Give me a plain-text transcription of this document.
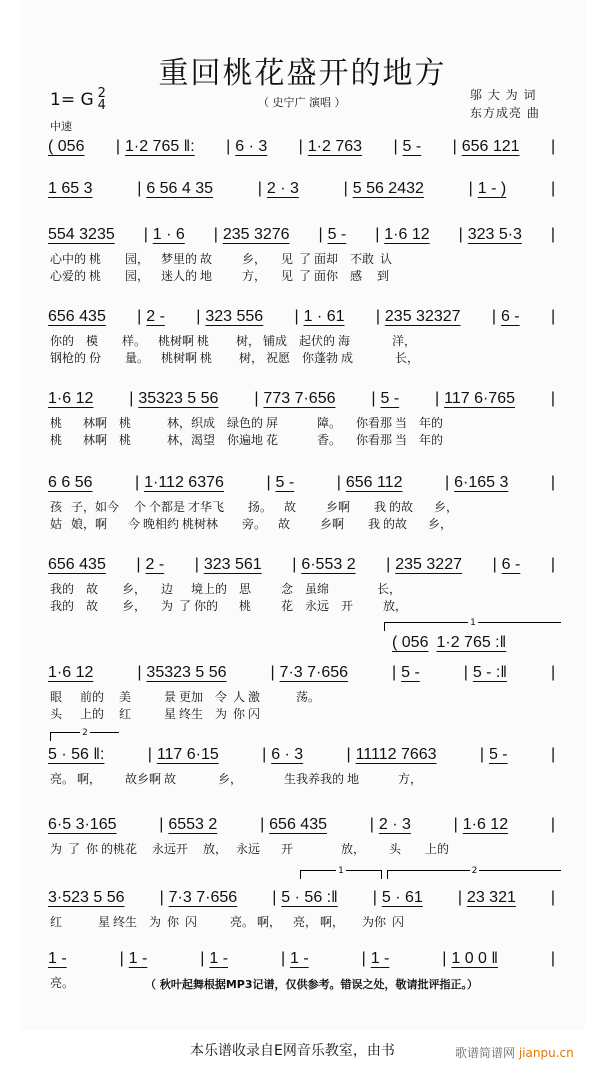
重回桃花盛开的地方
1= G 2
4
中速
（ 史宁广 演唱 ）
邬 大 为 词
东方成亮 曲
( 056	| 1·2 765 ‖:	| 6 · 3	| 1·2 763	| 5 -	| 656 121	|
1 65 3	| 6 56 4 35	| 2 · 3	| 5 56 2432	| 1 - )	|
554 3235	| 1 · 6	| 235 3276	| 5 -	| 1·6 12	| 323 5·3	|
心中的 桃        园，    梦里的 故          乡，     见  了 面却    不敢  认
心爱的 桃        园，    迷人的 地          方，     见  了 面你    感     到
656 435	| 2 -	| 323 556	| 1 · 61	| 235 32327	| 6 -	|
你的    模        样。    桃树啊 桃         树， 铺成    起伏的 海              洋，
钢枪的 份        量。    桃树啊 桃         树， 祝愿    你蓬勃 成              长，
1·6 12	| 35323 5 56	| 773 7·656	| 5 -	| 117 6·765	|
桃       林啊    桃            林，织成    绿色的 屏             障。     你看那 当    年的
桃       林啊    桃            林，渴望    你遍地 花             香。     你看那 当    年的
6 6 56	| 1·112 6376	| 5 -	| 656 112	| 6·165 3	|
孩   子，如今     个 个都是 才华飞        扬。    故          乡啊        我 的故       乡，
姑   娘，啊       今 晚相约 桃树林        旁。    故          乡啊        我 的故       乡，
656 435	| 2 -	| 323 561	| 6·553 2	| 235 3227	| 6 -	|
我的    故        乡，     边      境上的    思          念    虽绵                长，
我的    故        乡，     为  了 你的       桃          花    永远    开          放，
1·6 12	| 35323 5 56	| 7·3 7·656	| 5 -	| 5 - :‖	|
眼      前的     美           景 更加    令  人 激            荡。
头      上的     红           星 终生    为  你 闪
5 · 56 ‖:	| 117 6·15	| 6 · 3	| 11112 7663	| 5 -	|
亮。 啊，        故乡啊 故              乡，              生我养我的 地             方，
6·5 3·165	| 6553 2	| 656 435	| 2 · 3	| 1·6 12	|
为  了  你 的桃花     永远开     放，   永远       开                放，        头        上的
3·523 5 56	| 7·3 7·656	| 5 · 56 :‖	| 5 · 61	| 23 321	|
红            星 终生    为  你  闪           亮。 啊，    亮， 啊，      为你  闪
1 -	| 1 -	| 1 -	| 1 -	| 1 -	| 1 0 0 ‖	|
亮。
1
( 056 1·2 765 :‖
2
1	2
（ 秋叶起舞根据MP3记谱，仅供参考。错误之处，敬请批评指正。）
本乐谱收录自E网音乐教室，由书	歌谱简谱网 jianpu.cn
